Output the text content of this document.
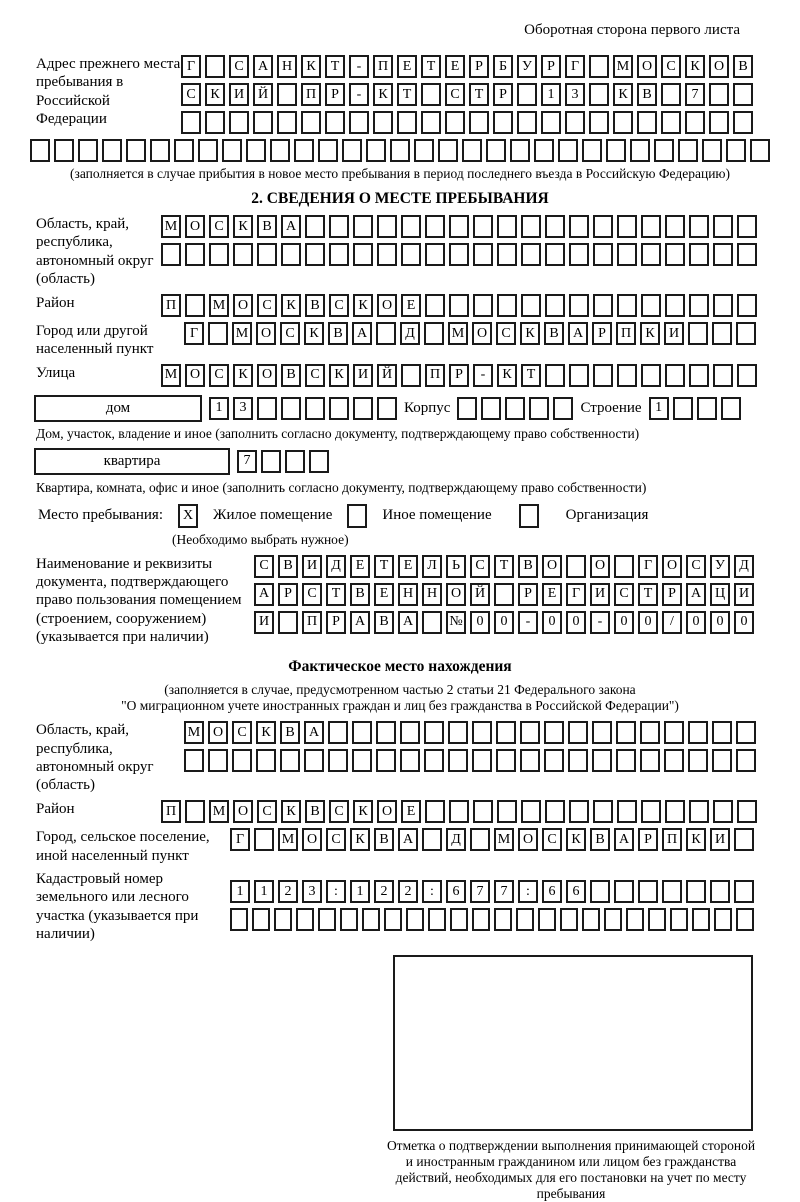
Оборотная сторона первого листа
Адрес прежнего места пребывания в Российской Федерации
Г	С	А Н	К	Т	-	П	Е	Т	Е	Р	Б	У	Р	Г	М О	С	К	О	В
С	К	И Й	П	Р	-	К	Т	С	Т	Р	1	3	К	В	7
(заполняется в случае прибытия в новое место пребывания в период последнего въезда в Российскую Федерацию)
2. СВЕДЕНИЯ О МЕСТЕ ПРЕБЫВАНИЯ
Область, край, республика, автономный округ (область)
М О	С	К	В	А
Район	П	М О	С	К	В	С	К	О	Е
Город или другой населенный пункт
Г	М О	С	К	В	А	Д	М О	С	К	В	А	Р	П	К	И
Улица	М О	С	К	О	В	С	К	И Й	П	Р	-	К	Т
дом	1	3	Корпус	Строение 1
Дом, участок, владение и иное (заполнить согласно документу, подтверждающему право собственности)
квартира	7
Квартира, комната, офис и иное (заполнить согласно документу, подтверждающему право собственности)
Место пребывания:	X	Жилое помещение	Иное помещение	Организация
(Необходимо выбрать нужное)
Наименование и реквизиты документа, подтверждающего право пользования помещением (строением, сооружением) (указывается при наличии)
С	В	И	Д	Е	Т	Е	Л	Ь	С	Т	В	О	О	Г	О	С	У	Д
А	Р	С	Т	В	Е	Н Н О Й	Р	Е	Г	И	С	Т	Р	А Ц И
И	П	Р	А	В	А	№ 0	0	-	0	0	-	0	0	/	0	0	0
Фактическое место нахождения
(заполняется в случае, предусмотренном частью 2 статьи 21 Федерального закона
"О миграционном учете иностранных граждан и лиц без гражданства в Российской Федерации")
Область, край, республика, автономный округ (область)
М О	С	К	В	А
Район	П	М О	С	К	В	С	К	О	Е
Город, сельское поселение, иной населенный пункт
Г	М О	С	К	В	А	Д	М О	С	К	В	А	Р	П	К	И
Кадастровый номер земельного или лесного участка (указывается при наличии)
1	1	2	3	:	1	2	2	:	6	7	7	:	6	6
Отметка о подтверждении выполнения принимающей стороной и иностранным гражданином или лицом без гражданства действий, необходимых для его постановки на учет по месту пребывания
